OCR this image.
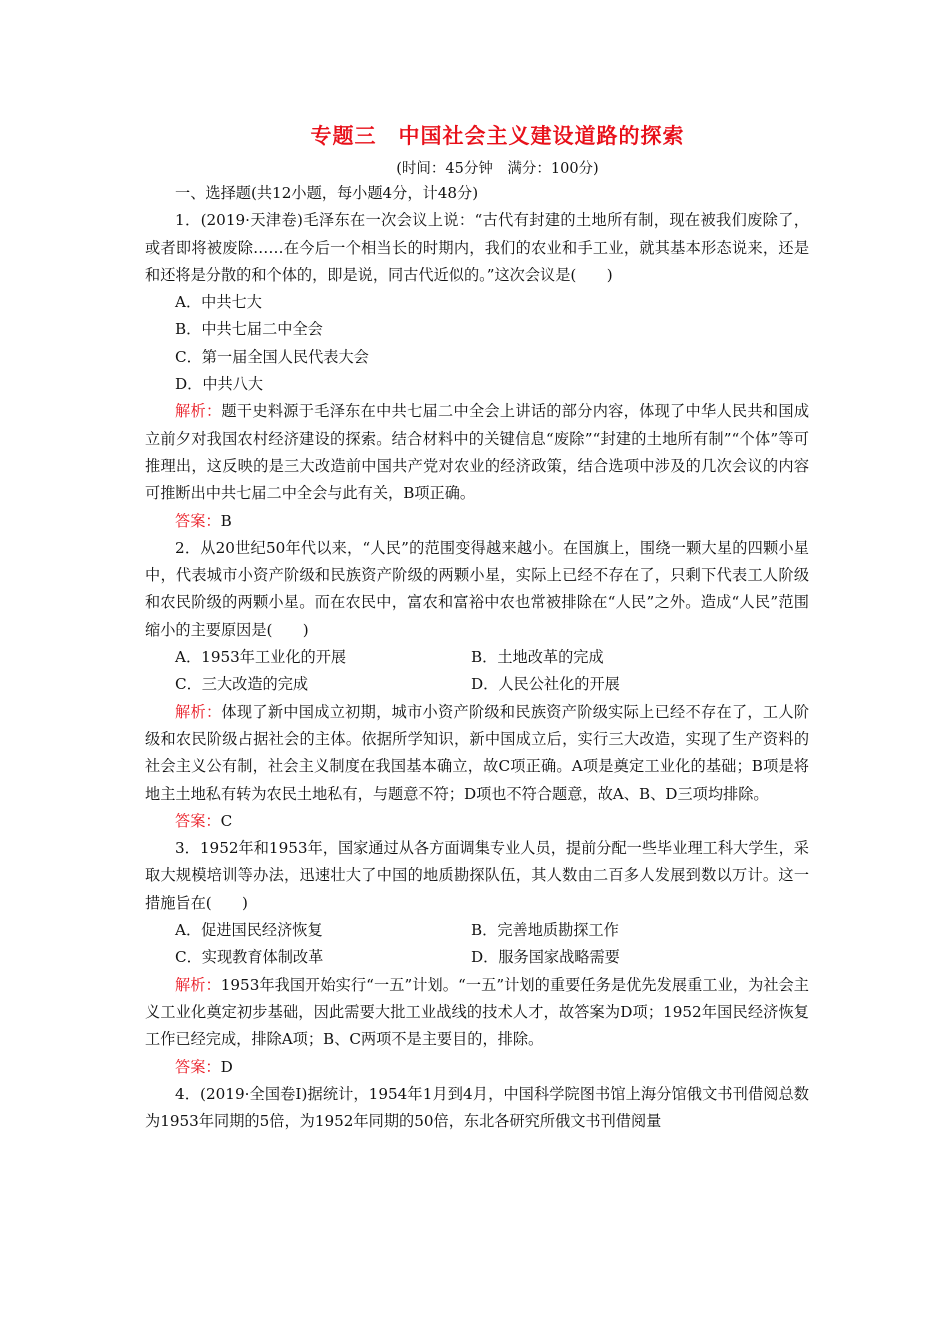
专题三　中国社会主义建设道路的探索
(时间：45分钟　满分：100分)

一、选择题(共12小题，每小题4分，计48分)

1．(2019·天津卷)毛泽东在一次会议上说：“古代有封建的土地所有制，现在被我们废除了，或者即将被废除……在今后一个相当长的时期内，我们的农业和手工业，就其基本形态说来，还是和还将是分散的和个体的，即是说，同古代近似的。”这次会议是(　　)

A．中共七大

B．中共七届二中全会

C．第一届全国人民代表大会

D．中共八大

解析：题干史料源于毛泽东在中共七届二中全会上讲话的部分内容，体现了中华人民共和国成立前夕对我国农村经济建设的探索。结合材料中的关键信息“废除”“封建的土地所有制”“个体”等可推理出，这反映的是三大改造前中国共产党对农业的经济政策，结合选项中涉及的几次会议的内容可推断出中共七届二中全会与此有关，B项正确。

答案：B

2．从20世纪50年代以来，“人民”的范围变得越来越小。在国旗上，围绕一颗大星的四颗小星中，代表城市小资产阶级和民族资产阶级的两颗小星，实际上已经不存在了，只剩下代表工人阶级和农民阶级的两颗小星。而在农民中，富农和富裕中农也常被排除在“人民”之外。造成“人民”范围缩小的主要原因是(　　)

A．1953年工业化的开展	B．土地改革的完成
C．三大改造的完成	D．人民公社化的开展

解析：体现了新中国成立初期，城市小资产阶级和民族资产阶级实际上已经不存在了，工人阶级和农民阶级占据社会的主体。依据所学知识，新中国成立后，实行三大改造，实现了生产资料的社会主义公有制，社会主义制度在我国基本确立，故C项正确。A项是奠定工业化的基础；B项是将地主土地私有转为农民土地私有，与题意不符；D项也不符合题意，故A、B、D三项均排除。

答案：C

3．1952年和1953年，国家通过从各方面调集专业人员，提前分配一些毕业理工科大学生，采取大规模培训等办法，迅速壮大了中国的地质勘探队伍，其人数由二百多人发展到数以万计。这一措施旨在(　　)

A．促进国民经济恢复	B．完善地质勘探工作
C．实现教育体制改革	D．服务国家战略需要

解析：1953年我国开始实行“一五”计划。“一五”计划的重要任务是优先发展重工业，为社会主义工业化奠定初步基础，因此需要大批工业战线的技术人才，故答案为D项；1952年国民经济恢复工作已经完成，排除A项；B、C两项不是主要目的，排除。

答案：D

4．(2019·全国卷Ⅰ)据统计，1954年1月到4月，中国科学院图书馆上海分馆俄文书刊借阅总数为1953年同期的5倍，为1952年同期的50倍，东北各研究所俄文书刊借阅量
